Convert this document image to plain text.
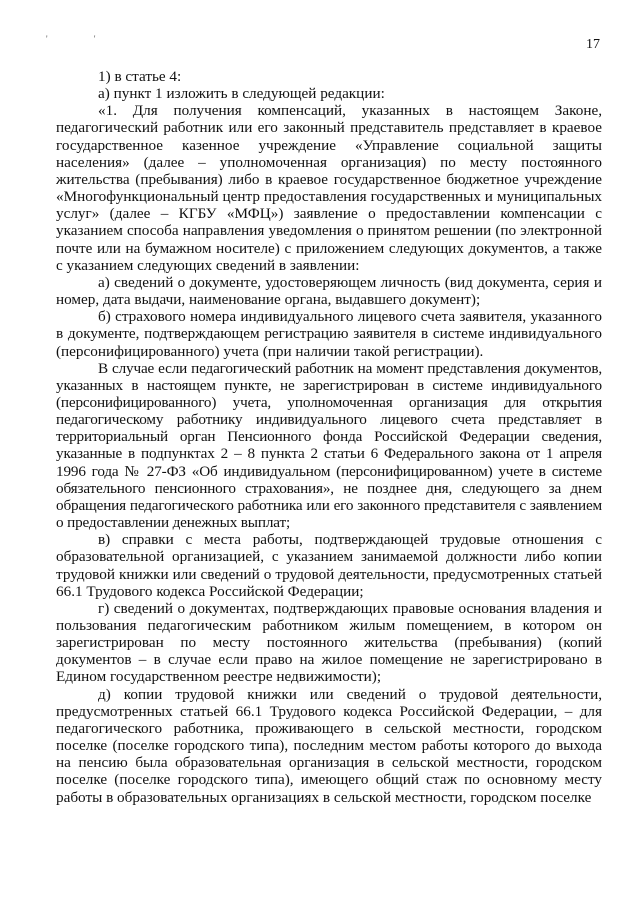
' '	17

1) в статье 4:

а) пункт 1 изложить в следующей редакции:

«1. Для получения компенсаций, указанных в настоящем Законе, педагогический работник или его законный представитель представляет в краевое государственное казенное учреждение «Управление социальной защиты населения» (далее – уполномоченная организация) по месту постоянного жительства (пребывания) либо в краевое государственное бюджетное учреждение «Многофункциональный центр предоставления государственных и муниципальных услуг» (далее – КГБУ «МФЦ») заявление о предоставлении компенсации с указанием способа направления уведомления о принятом решении (по электронной почте или на бумажном носителе) с приложением следующих документов, а также с указанием следующих сведений в заявлении:

а) сведений о документе, удостоверяющем личность (вид документа, серия и номер, дата выдачи, наименование органа, выдавшего документ);

б) страхового номера индивидуального лицевого счета заявителя, указанного в документе, подтверждающем регистрацию заявителя в системе индивидуального (персонифицированного) учета (при наличии такой регистрации).

В случае если педагогический работник на момент представления документов, указанных в настоящем пункте, не зарегистрирован в системе индивидуального (персонифицированного) учета, уполномоченная организация для открытия педагогическому работнику индивидуального лицевого счета представляет в территориальный орган Пенсионного фонда Российской Федерации сведения, указанные в подпунктах 2 – 8 пункта 2 статьи 6 Федерального закона от 1 апреля 1996 года № 27-ФЗ «Об индивидуальном (персонифицированном) учете в системе обязательного пенсионного страхования», не позднее дня, следующего за днем обращения педагогического работника или его законного представителя с заявлением о предоставлении денежных выплат;

в) справки с места работы, подтверждающей трудовые отношения с образовательной организацией, с указанием занимаемой должности либо копии трудовой книжки или сведений о трудовой деятельности, предусмотренных статьей 66.1 Трудового кодекса Российской Федерации;

г) сведений о документах, подтверждающих правовые основания владения и пользования педагогическим работником жилым помещением, в котором он зарегистрирован по месту постоянного жительства (пребывания) (копий документов – в случае если право на жилое помещение не зарегистрировано в Едином государственном реестре недвижимости);

д) копии трудовой книжки или сведений о трудовой деятельности, предусмотренных статьей 66.1 Трудового кодекса Российской Федерации, – для педагогического работника, проживающего в сельской местности, городском поселке (поселке городского типа), последним местом работы которого до выхода на пенсию была образовательная организация в сельской местности, городском поселке (поселке городского типа), имеющего общий стаж по основному месту работы в образовательных организациях в сельской местности, городском поселке
